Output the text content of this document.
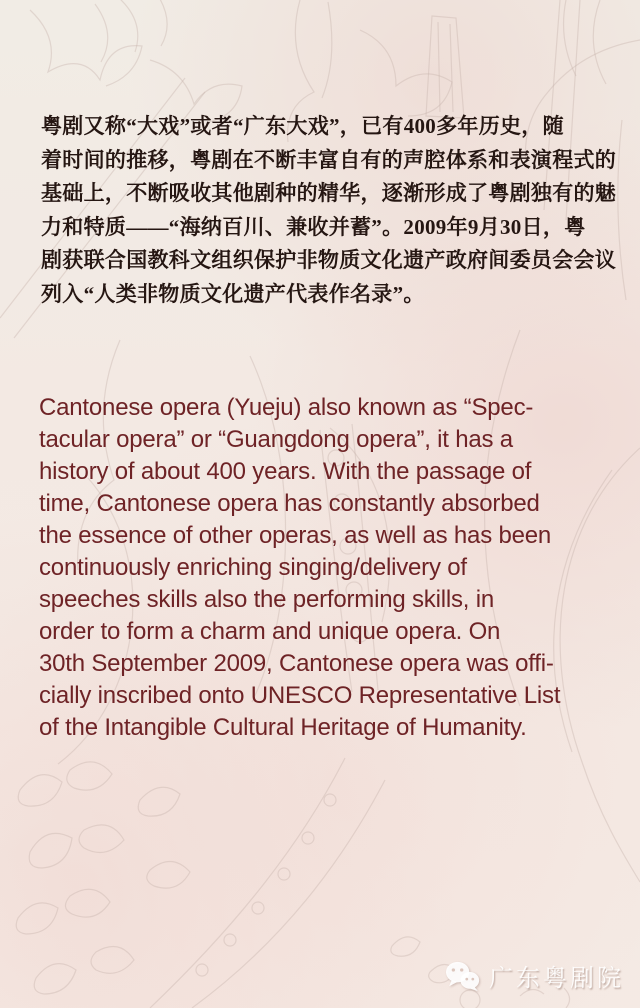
粤剧又称“大戏”或者“广东大戏”，已有400多年历史，随
着时间的推移，粤剧在不断丰富自有的声腔体系和表演程式的
基础上，不断吸收其他剧种的精华，逐渐形成了粤剧独有的魅
力和特质——“海纳百川、兼收并蓄”。2009年9月30日，粤
剧获联合国教科文组织保护非物质文化遗产政府间委员会会议
列入“人类非物质文化遗产代表作名录”。
Cantonese opera (Yueju) also known as “Spec-
tacular opera” or “Guangdong opera”, it has a
history of about 400 years. With the passage of
time, Cantonese opera has constantly absorbed
the essence of other operas, as well as has been
continuously enriching singing/delivery of
speeches skills also the performing skills, in
order to form a charm and unique opera. On
30th September 2009, Cantonese opera was offi-
cially inscribed onto UNESCO Representative List
of the Intangible Cultural Heritage of Humanity.
广东粤剧院
